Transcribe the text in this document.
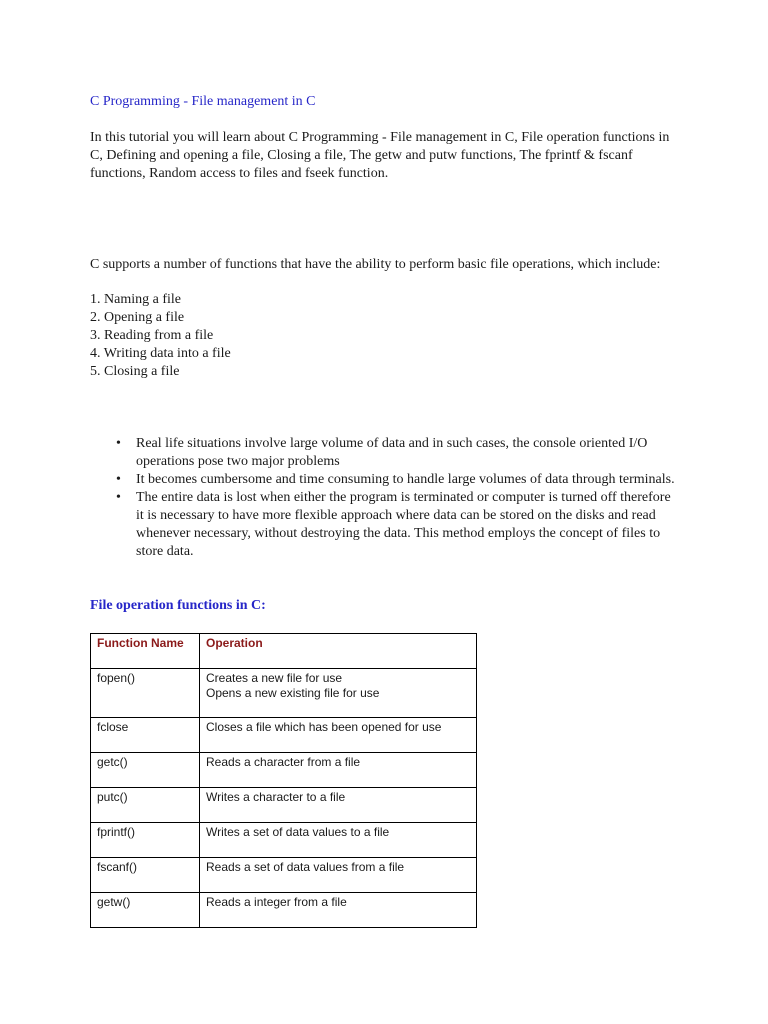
C Programming - File management in C

In this tutorial you will learn about C Programming - File management in C, File operation functions in C, Defining and opening a file, Closing a file, The getw and putw functions, The fprintf & fscanf functions, Random access to files and fseek function.

C supports a number of functions that have the ability to perform basic file operations, which include:

1. Naming a file
2. Opening a file
3. Reading from a file
4. Writing data into a file
5. Closing a file
• Real life situations involve large volume of data and in such cases, the console oriented I/O operations pose two major problems
• It becomes cumbersome and time consuming to handle large volumes of data through terminals.
• The entire data is lost when either the program is terminated or computer is turned off therefore it is necessary to have more flexible approach where data can be stored on the disks and read whenever necessary, without destroying the data. This method employs the concept of files to store data.
File operation functions in C:
Function Name	Operation
fopen()	Creates a new file for use
Opens a new existing file for use

fclose	Closes a file which has been opened for use
getc()	Reads a character from a file
putc()	Writes a character to a file
fprintf()	Writes a set of data values to a file
fscanf()	Reads a set of data values from a file
getw()	Reads a integer from a file
